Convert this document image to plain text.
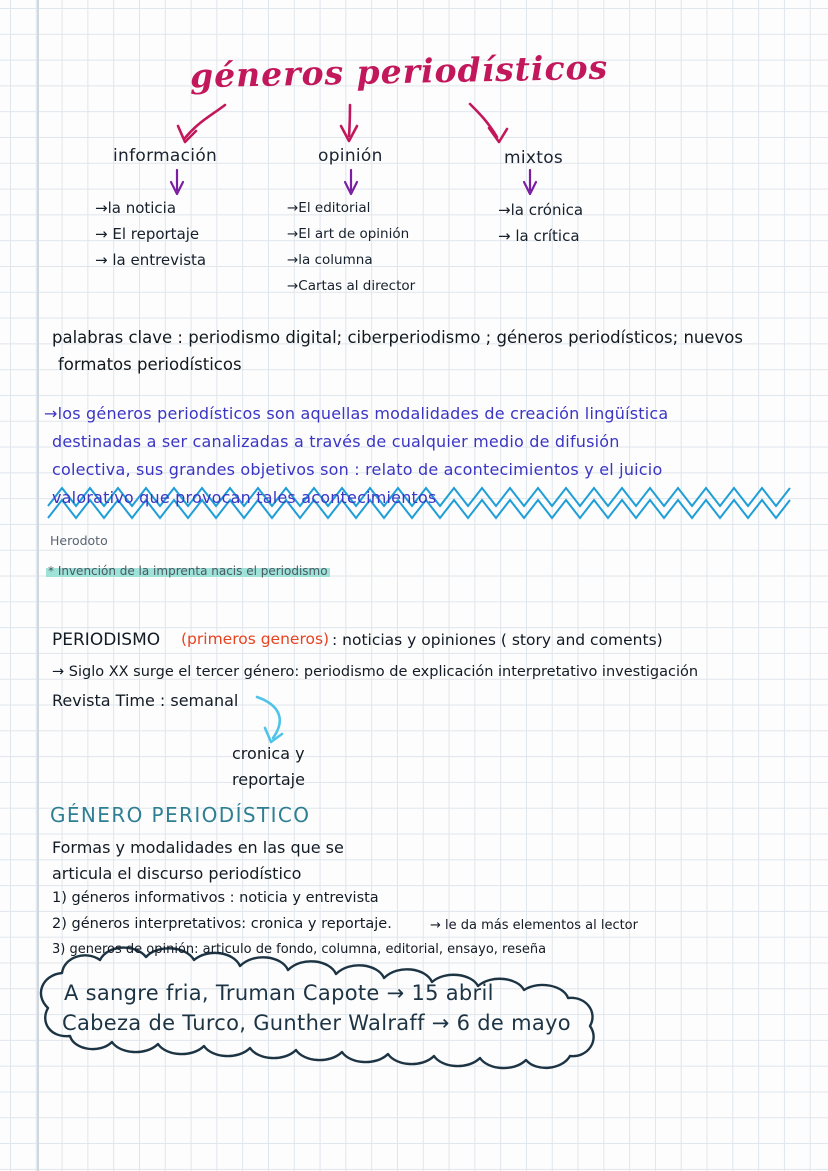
géneros periodísticos
información
→la noticia
→ El reportaje
→ la entrevista
opinión
→El editorial
→El art de opinión
→la columna
→Cartas al director
mixtos
→la crónica
→ la crítica
palabras clave : periodismo digital; ciberperiodismo ; géneros periodísticos; nuevos
formatos periodísticos
→los géneros periodísticos son aquellas modalidades de creación lingüística
destinadas a ser canalizadas a través de cualquier medio de difusión
colectiva, sus grandes objetivos son : relato de acontecimientos y el juicio
valorativo que provocan tales acontecimientos
Herodoto
* Invención de la imprenta nacis el periodismo
PERIODISMO (primeros generos) : noticias y opiniones ( story and coments)
→ Siglo XX surge el tercer género: periodismo de explicación interpretativo investigación
Revista Time : semanal
cronica y
reportaje
GÉNERO PERIODÍSTICO
Formas y modalidades en las que se
articula el discurso periodístico
1) géneros informativos : noticia y entrevista
2) géneros interpretativos: cronica y reportaje.	→ le da más elementos al lector
3) generos de opinión: articulo de fondo, columna, editorial, ensayo, reseña
A sangre fria, Truman Capote → 15 abril
Cabeza de Turco, Gunther Walraff → 6 de mayo
